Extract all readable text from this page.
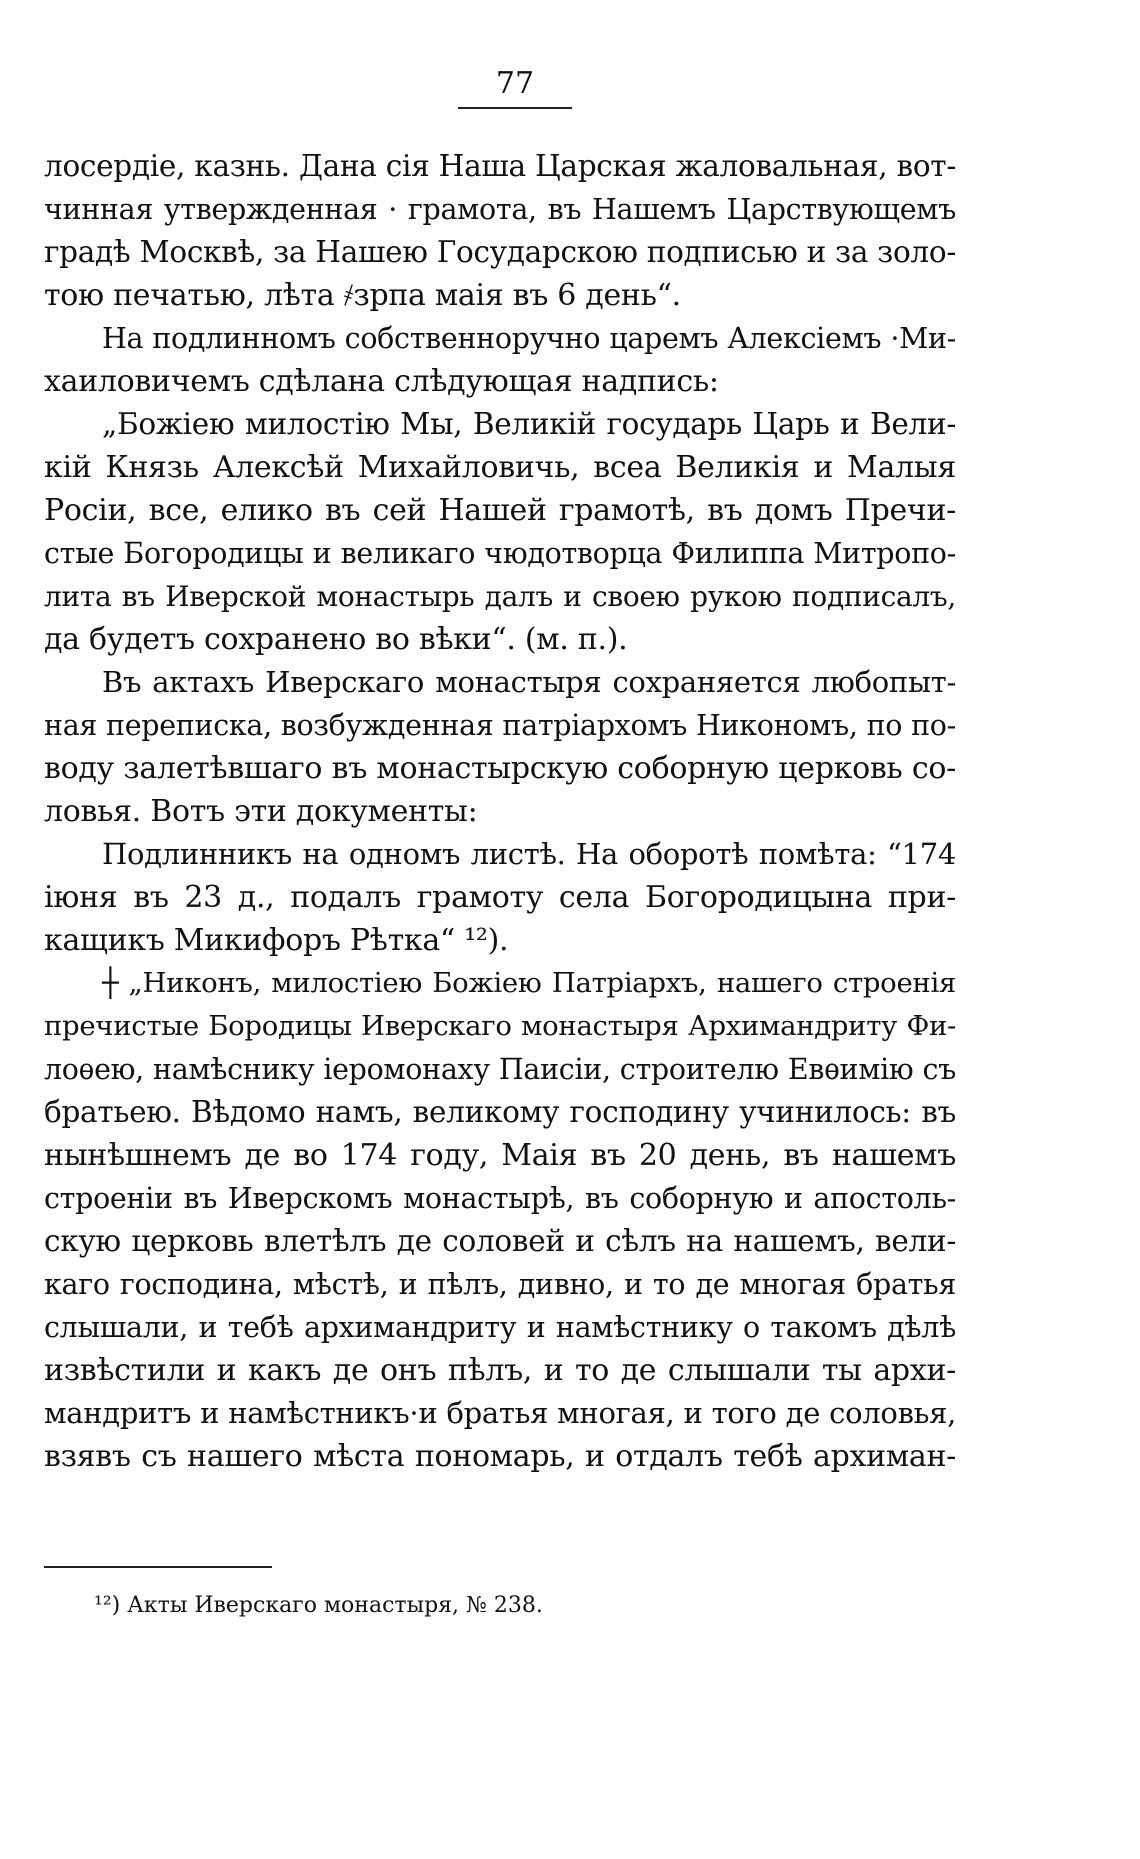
77

лосердіе, казнь. Дана сія Наша Царская жаловальная, вот-
чинная утвержденная · грамота, въ Нашемъ Царствующемъ
градѣ Москвѣ, за Нашею Государскою подписью и за золо-
тою печатью, лѣта ҂зрпа маія въ 6 день“.

На подлинномъ собственноручно царемъ Алексіемъ ·Ми-
хаиловичемъ сдѣлана слѣдующая надпись:

„Божіею милостію Мы, Великій государь Царь и Вели-
кій Князь Алексѣй Михайловичь, всеа Великія и Малыя
Росіи, все, елико въ сей Нашей грамотѣ, въ домъ Пречи-
стые Богородицы и великаго чюдотворца Филиппа Митропо-
лита въ Иверской монастырь далъ и своею рукою подписалъ,
да будетъ сохранено во вѣки“. (м. п.).

Въ актахъ Иверскаго монастыря сохраняется любопыт-
ная переписка, возбужденная патріархомъ Никономъ, по по-
воду залетѣвшаго въ монастырскую соборную церковь со-
ловья. Вотъ эти документы:

Подлинникъ на одномъ листѣ. На оборотѣ помѣта: “174
іюня въ 23 д., подалъ грамоту села Богородицына при-
кащикъ Микифоръ Рѣтка“ ¹²).

┼ „Никонъ, милостіею Божіею Патріархъ, нашего строенія
пречистые Бородицы Иверскаго монастыря Архимандриту Фи-
лоѳею, намѣснику іеромонаху Паисіи, строителю Евѳимію съ
братьею. Вѣдомо намъ, великому господину учинилось: въ
нынѣшнемъ де во 174 году, Маія въ 20 день, въ нашемъ
строеніи въ Иверскомъ монастырѣ, въ соборную и апостоль-
скую церковь влетѣлъ де соловей и сѣлъ на нашемъ, вели-
каго господина, мѣстѣ, и пѣлъ, дивно, и то де многая братья
слышали, и тебѣ архимандриту и намѣстнику о такомъ дѣлѣ
извѣстили и какъ де онъ пѣлъ, и то де слышали ты архи-
мандритъ и намѣстникъ·и братья многая, и того де соловья,
взявъ съ нашего мѣста пономарь, и отдалъ тебѣ архиман-

¹²) Акты Иверскаго монастыря, № 238.
